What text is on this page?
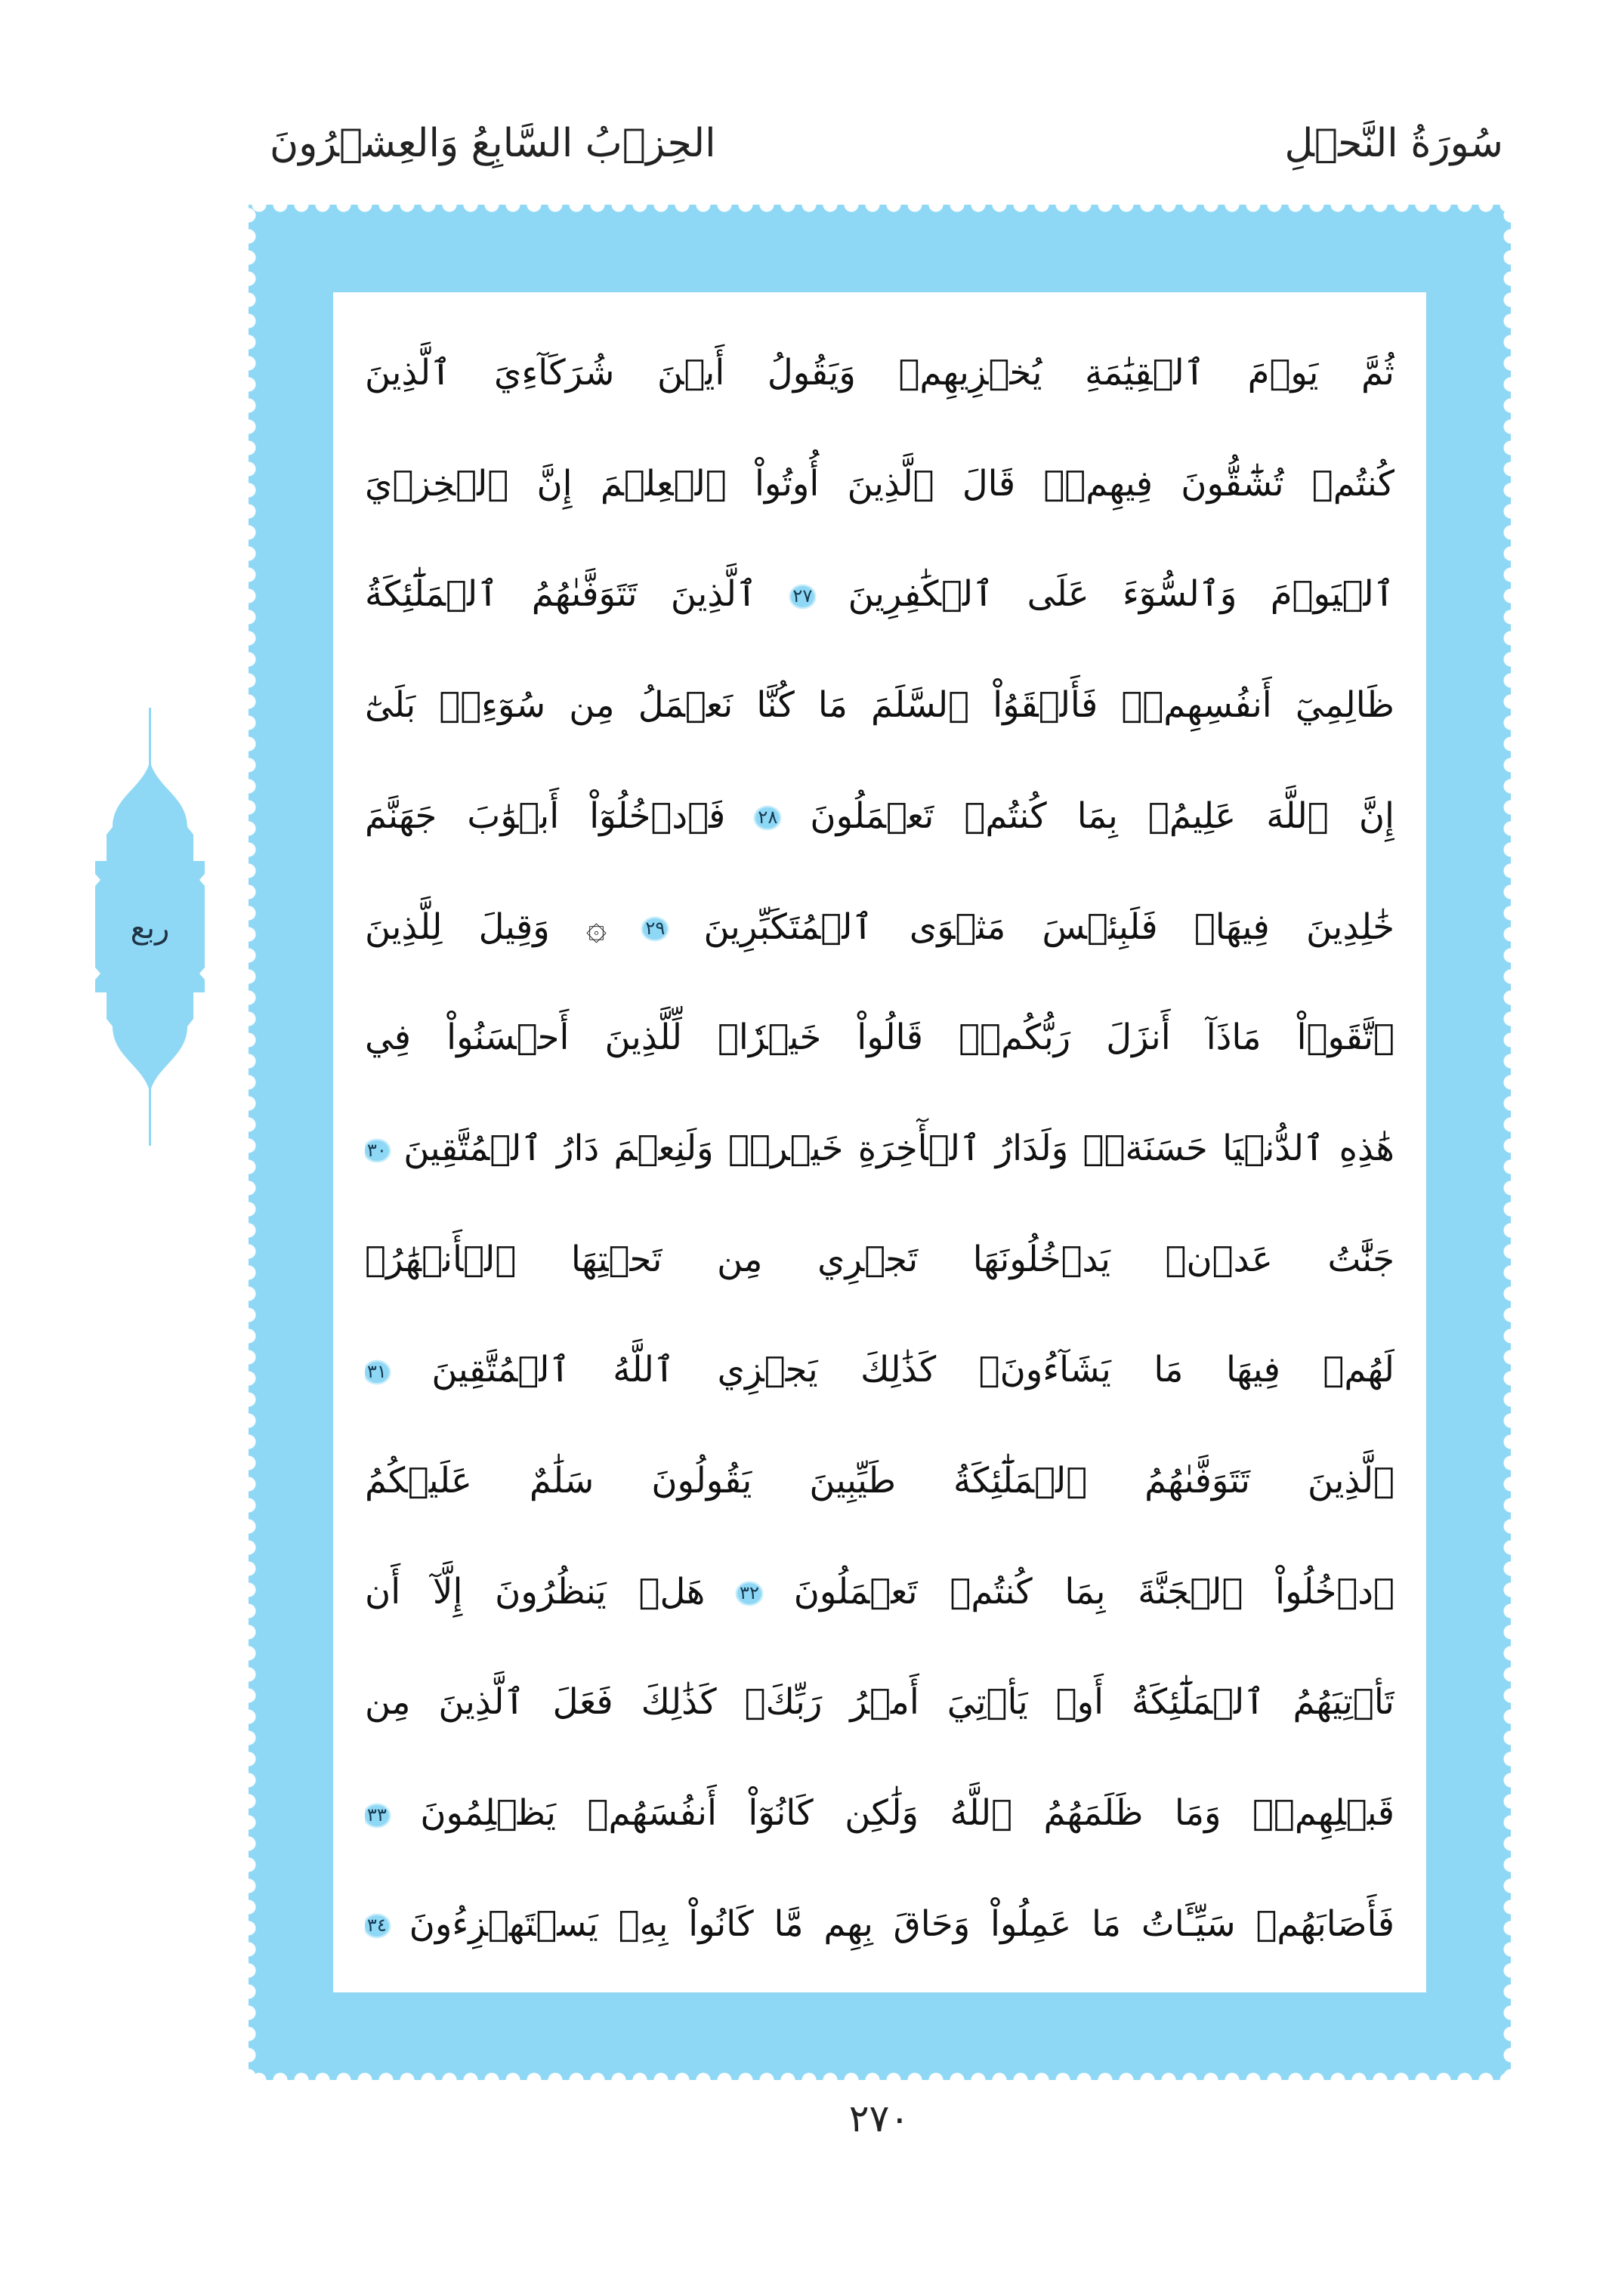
سُورَةُ النَّحۡلِ
الحِزۡبُ السَّابِعُ وَالعِشۡرُونَ
ربع
ثُمَّ يَوۡمَ ٱلۡقِيَٰمَةِ يُخۡزِيهِمۡ وَيَقُولُ أَيۡنَ شُرَكَآءِيَ ٱلَّذِينَ
كُنتُمۡ تُشَٰٓقُّونَ فِيهِمۡۚ قَالَ ٱلَّذِينَ أُوتُواْ ٱلۡعِلۡمَ إِنَّ ٱلۡخِزۡيَ
ٱلۡيَوۡمَ وَٱلسُّوٓءَ عَلَى ٱلۡكَٰفِرِينَ ٢٧ ٱلَّذِينَ تَتَوَفَّىٰهُمُ ٱلۡمَلَٰٓئِكَةُ
ظَالِمِيٓ أَنفُسِهِمۡۖ فَأَلۡقَوُاْ ٱلسَّلَمَ مَا كُنَّا نَعۡمَلُ مِن سُوٓءِۭۚ بَلَىٰٓ
إِنَّ ٱللَّهَ عَلِيمُۢ بِمَا كُنتُمۡ تَعۡمَلُونَ ٢٨ فَٱدۡخُلُوٓاْ أَبۡوَٰبَ جَهَنَّمَ
خَٰلِدِينَ فِيهَاۖ فَلَبِئۡسَ مَثۡوَى ٱلۡمُتَكَبِّرِينَ ٢٩ ۞ وَقِيلَ لِلَّذِينَ
ٱتَّقَوۡاْ مَاذَآ أَنزَلَ رَبُّكُمۡۚ قَالُواْ خَيۡرٗاۗ لِّلَّذِينَ أَحۡسَنُواْ فِي
هَٰذِهِ ٱلدُّنۡيَا حَسَنَةٞۚ وَلَدَارُ ٱلۡأٓخِرَةِ خَيۡرٞۚ وَلَنِعۡمَ دَارُ ٱلۡمُتَّقِينَ ٣٠
جَنَّٰتُ عَدۡنٖ يَدۡخُلُونَهَا تَجۡرِي مِن تَحۡتِهَا ٱلۡأَنۡهَٰرُۖ
لَهُمۡ فِيهَا مَا يَشَآءُونَۚ كَذَٰلِكَ يَجۡزِي ٱللَّهُ ٱلۡمُتَّقِينَ ٣١
ٱلَّذِينَ تَتَوَفَّىٰهُمُ ٱلۡمَلَٰٓئِكَةُ طَيِّبِينَ يَقُولُونَ سَلَٰمٌ عَلَيۡكُمُ
ٱدۡخُلُواْ ٱلۡجَنَّةَ بِمَا كُنتُمۡ تَعۡمَلُونَ ٣٢ هَلۡ يَنظُرُونَ إِلَّآ أَن
تَأۡتِيَهُمُ ٱلۡمَلَٰٓئِكَةُ أَوۡ يَأۡتِيَ أَمۡرُ رَبِّكَۚ كَذَٰلِكَ فَعَلَ ٱلَّذِينَ مِن
قَبۡلِهِمۡۚ وَمَا ظَلَمَهُمُ ٱللَّهُ وَلَٰكِن كَانُوٓاْ أَنفُسَهُمۡ يَظۡلِمُونَ ٣٣
فَأَصَابَهُمۡ سَيِّـَٔاتُ مَا عَمِلُواْ وَحَاقَ بِهِم مَّا كَانُواْ بِهِۦ يَسۡتَهۡزِءُونَ ٣٤
٢٧٠
